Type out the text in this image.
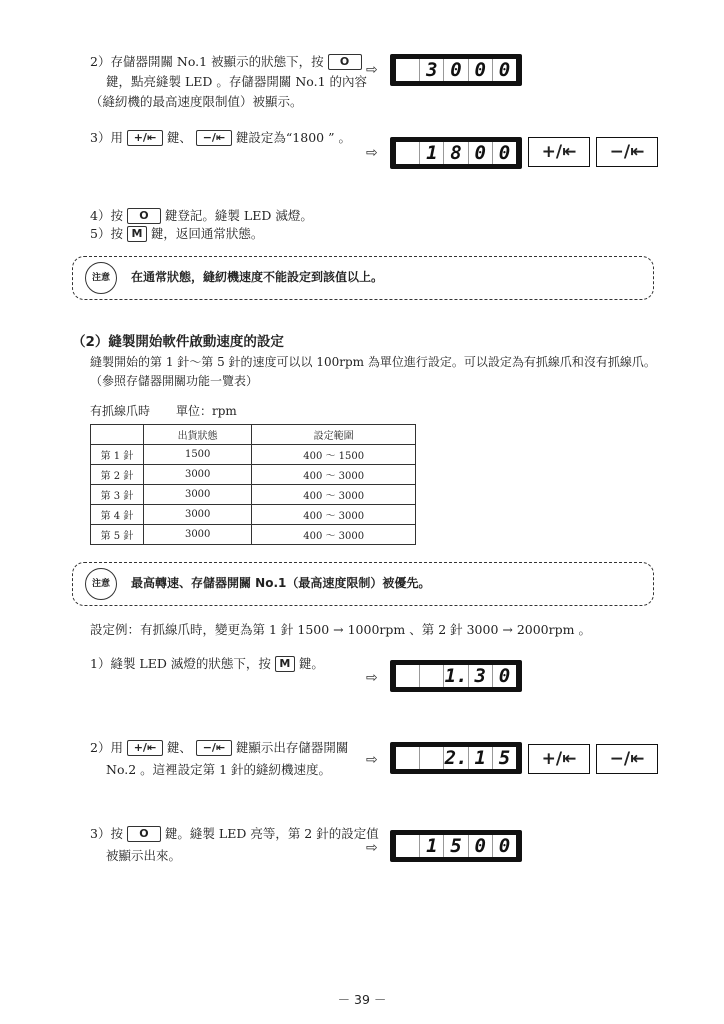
2）存儲器開關 No.1 被顯示的狀態下，按 O
鍵，點亮縫製 LED 。存儲器開關 No.1 的內容
（縫紉機的最高速度限制值）被顯示。
⇨	3 0 0 0
3）用 +/⇤ 鍵、 −/⇤ 鍵設定為“1800 ” 。
⇨	1 8 0 0	+/⇤	−/⇤
4）按 O 鍵登記。縫製 LED 滅燈。
5）按 M 鍵，返回通常狀態。
注意	在通常狀態，縫紉機速度不能設定到該值以上。
（2）縫製開始軟件啟動速度的設定
縫製開始的第 1 針～第 5 針的速度可以以 100rpm 為單位進行設定。可以設定為有抓線爪和沒有抓線爪。
（參照存儲器開關功能一覽表）
有抓線爪時 單位：rpm
	出貨狀態	設定範圍
第 1 針	1500	400 ～ 1500
第 2 針	3000	400 ～ 3000
第 3 針	3000	400 ～ 3000
第 4 針	3000	400 ～ 3000
第 5 針	3000	400 ～ 3000
注意	最高轉速、存儲器開關 No.1（最高速度限制）被優先。
設定例：有抓線爪時，變更為第 1 針 1500 → 1000rpm 、第 2 針 3000 → 2000rpm 。
1）縫製 LED 滅燈的狀態下，按 M 鍵。
⇨	1. 3 0
2）用 +/⇤ 鍵、 −/⇤ 鍵顯示出存儲器開關
No.2 。這裡設定第 1 針的縫紉機速度。
⇨	2. 1 5	+/⇤	−/⇤
3）按 O 鍵。縫製 LED 亮等，第 2 針的設定值
被顯示出來。	⇨	1 5 0 0
－ 39 －
